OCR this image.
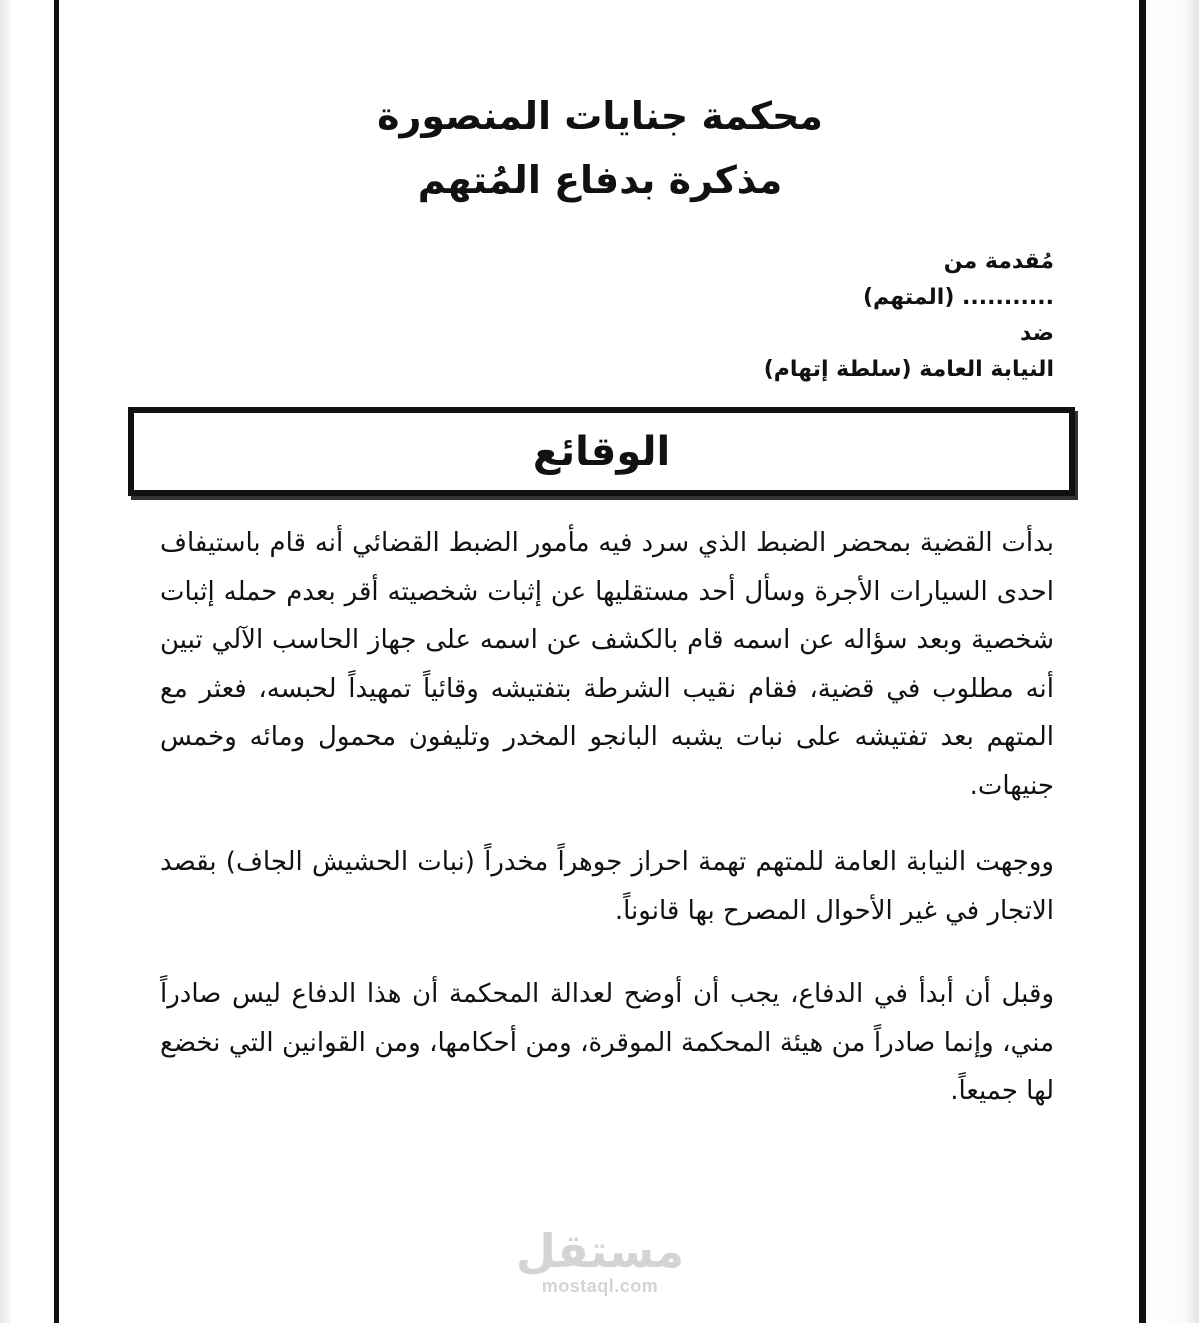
محكمة جنايات المنصورة
مذكرة بدفاع المُتهم
مُقدمة من
........... (المتهم)
ضد
النيابة العامة (سلطة إتهام)
الوقائع
بدأت القضية بمحضر الضبط الذي سرد فيه مأمور الضبط القضائي أنه قام باستيفاف احدى السيارات الأجرة وسأل أحد مستقليها عن إثبات شخصيته أقر بعدم حمله إثبات شخصية وبعد سؤاله عن اسمه قام بالكشف عن اسمه على جهاز الحاسب الآلي تبين أنه مطلوب في قضية، فقام نقيب الشرطة بتفتيشه وقائياً تمهيداً لحبسه، فعثر مع المتهم بعد تفتيشه على نبات يشبه البانجو المخدر وتليفون محمول ومائه وخمس جنيهات.
ووجهت النيابة العامة للمتهم تهمة احراز جوهراً مخدراً (نبات الحشيش الجاف) بقصد الاتجار في غير الأحوال المصرح بها قانوناً.
وقبل أن أبدأ في الدفاع، يجب أن أوضح لعدالة المحكمة أن هذا الدفاع ليس صادراً مني، وإنما صادراً من هيئة المحكمة الموقرة، ومن أحكامها، ومن القوانين التي نخضع لها جميعاً.
مستقل
mostaql.com
